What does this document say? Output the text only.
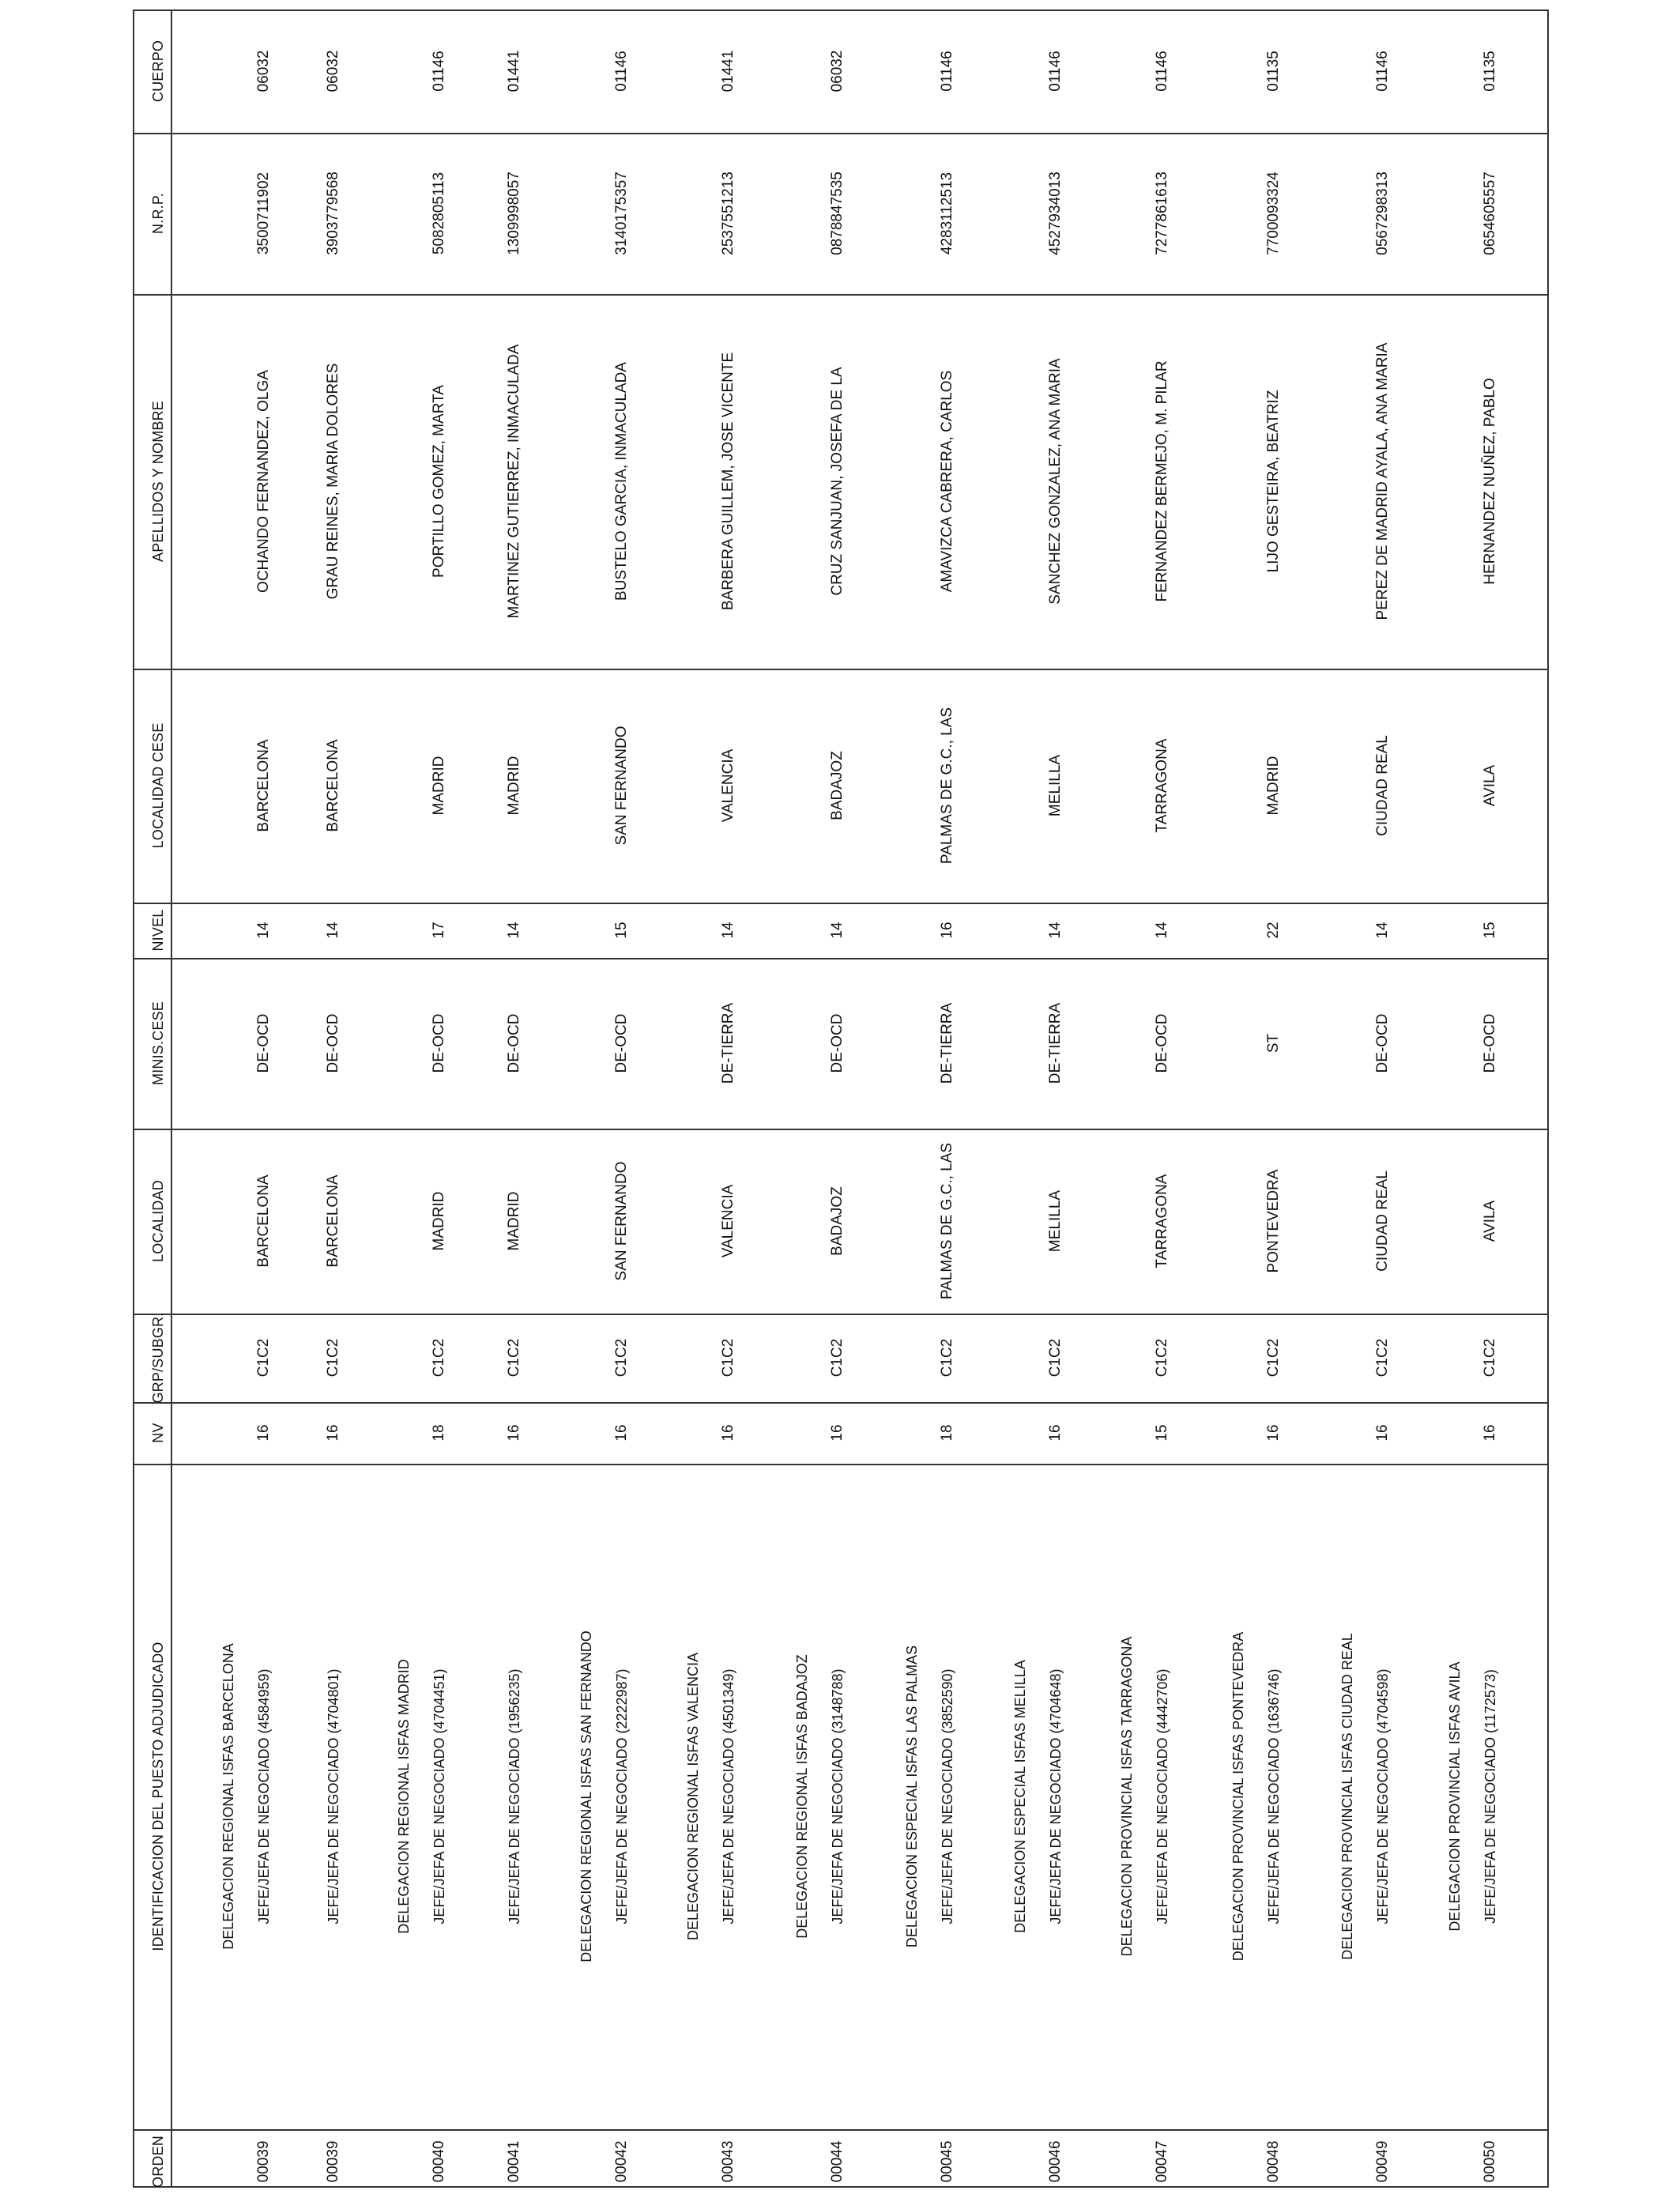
ORDEN
IDENTIFICACION DEL PUESTO ADJUDICADO
NV
GRP/SUBGR.
LOCALIDAD
MINIS.CESE
NIVEL
LOCALIDAD CESE
APELLIDOS Y NOMBRE
N.R.P.
CUERPO
00039
16
C1C2
BARCELONA
DE-OCD
14
BARCELONA
OCHANDO FERNANDEZ, OLGA
3500711902
06032
DELEGACION REGIONAL ISFAS BARCELONA JEFE/JEFA DE NEGOCIADO (4584959)
00039
16
C1C2
BARCELONA
DE-OCD
14
BARCELONA
GRAU REINES, MARIA DOLORES
3903779568
06032
JEFE/JEFA DE NEGOCIADO (4704801)
00040
18
C1C2
MADRID
DE-OCD
17
MADRID
PORTILLO GOMEZ, MARTA
5082805113
01146
DELEGACION REGIONAL ISFAS MADRID JEFE/JEFA DE NEGOCIADO (4704451)
00041
16
C1C2
MADRID
DE-OCD
14
MADRID
MARTINEZ GUTIERREZ, INMACULADA
1309998057
01441
JEFE/JEFA DE NEGOCIADO (1956235)
00042
16
C1C2
SAN FERNANDO
DE-OCD
15
SAN FERNANDO
BUSTELO GARCIA, INMACULADA
3140175357
01146
DELEGACION REGIONAL ISFAS SAN FERNANDO JEFE/JEFA DE NEGOCIADO (2222987)
00043
16
C1C2
VALENCIA
DE-TIERRA
14
VALENCIA
BARBERA GUILLEM, JOSE VICENTE
2537551213
01441
DELEGACION REGIONAL ISFAS VALENCIA JEFE/JEFA DE NEGOCIADO (4501349)
00044
16
C1C2
BADAJOZ
DE-OCD
14
BADAJOZ
CRUZ SANJUAN, JOSEFA DE LA
0878847535
06032
DELEGACION REGIONAL ISFAS BADAJOZ JEFE/JEFA DE NEGOCIADO (3148788)
00045
18
C1C2
PALMAS DE G.C., LAS
DE-TIERRA
16
PALMAS DE G.C., LAS
AMAVIZCA CABRERA, CARLOS
4283112513
01146
DELEGACION ESPECIAL ISFAS LAS PALMAS JEFE/JEFA DE NEGOCIADO (3852590)
00046
16
C1C2
MELILLA
DE-TIERRA
14
MELILLA
SANCHEZ GONZALEZ, ANA MARIA
4527934013
01146
DELEGACION ESPECIAL ISFAS MELILLA JEFE/JEFA DE NEGOCIADO (4704648)
00047
15
C1C2
TARRAGONA
DE-OCD
14
TARRAGONA
FERNANDEZ BERMEJO, M. PILAR
7277861613
01146
DELEGACION PROVINCIAL ISFAS TARRAGONA JEFE/JEFA DE NEGOCIADO (4442706)
00048
16
C1C2
PONTEVEDRA
ST
22
MADRID
LIJO GESTEIRA, BEATRIZ
7700093324
01135
DELEGACION PROVINCIAL ISFAS PONTEVEDRA JEFE/JEFA DE NEGOCIADO (1636746)
00049
16
C1C2
CIUDAD REAL
DE-OCD
14
CIUDAD REAL
PEREZ DE MADRID AYALA, ANA MARIA
0567298313
01146
DELEGACION PROVINCIAL ISFAS CIUDAD REAL JEFE/JEFA DE NEGOCIADO (4704598)
00050
16
C1C2
AVILA
DE-OCD
15
AVILA
HERNANDEZ NUÑEZ, PABLO
0654605557
01135
DELEGACION PROVINCIAL ISFAS AVILA JEFE/JEFA DE NEGOCIADO (1172573)
